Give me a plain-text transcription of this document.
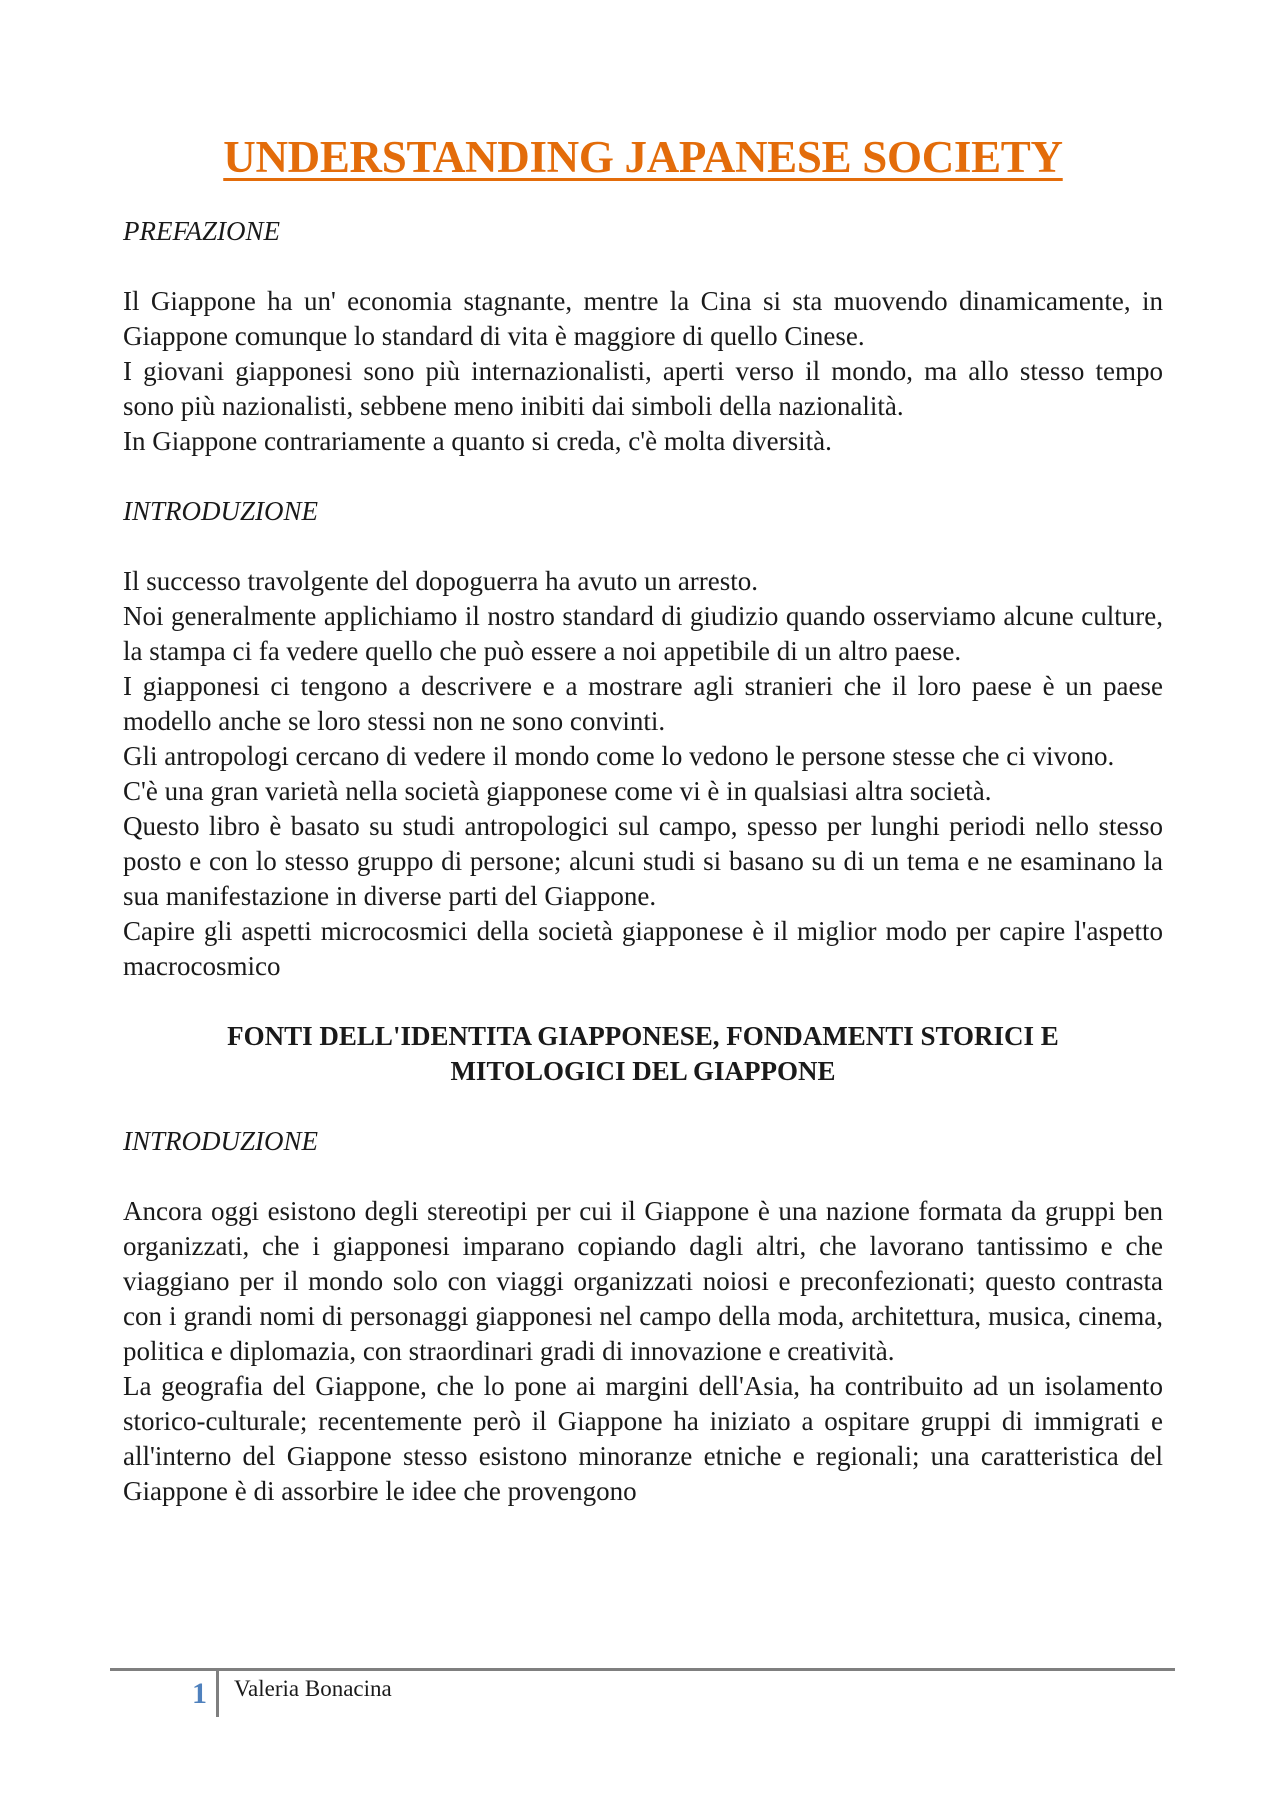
UNDERSTANDING JAPANESE SOCIETY

PREFAZIONE

Il Giappone ha un' economia stagnante, mentre la Cina si sta muovendo dinamicamente, in Giappone comunque lo standard di vita è maggiore di quello Cinese.

I giovani giapponesi sono più internazionalisti, aperti verso il mondo, ma allo stesso tempo sono più nazionalisti, sebbene meno inibiti dai simboli della nazionalità.

In Giappone contrariamente a quanto si creda, c'è molta diversità.

INTRODUZIONE

Il successo travolgente del dopoguerra ha avuto un arresto.

Noi generalmente applichiamo il nostro standard di giudizio quando osserviamo alcune culture, la stampa ci fa vedere quello che può essere a noi appetibile di un altro paese.

I giapponesi ci tengono a descrivere e a mostrare agli stranieri che il loro paese è un paese modello anche se loro stessi non ne sono convinti.

Gli antropologi cercano di vedere il mondo come lo vedono le persone stesse che ci vivono.

C'è una gran varietà nella società giapponese come vi è in qualsiasi altra società.

Questo libro è basato su studi antropologici sul campo, spesso per lunghi periodi nello stesso posto e con lo stesso gruppo di persone; alcuni studi si basano su di un tema e ne esaminano la sua manifestazione in diverse parti del Giappone.

Capire gli aspetti microcosmici della società giapponese è il miglior modo per capire l'aspetto macrocosmico

FONTI DELL'IDENTITA GIAPPONESE, FONDAMENTI STORICI E

MITOLOGICI DEL GIAPPONE

INTRODUZIONE

Ancora oggi esistono degli stereotipi per cui il Giappone è una nazione formata da gruppi ben organizzati, che i giapponesi imparano copiando dagli altri, che lavorano tantissimo e che viaggiano per il mondo solo con viaggi organizzati noiosi e preconfezionati; questo contrasta con i grandi nomi di personaggi giapponesi nel campo della moda, architettura, musica, cinema, politica e diplomazia, con straordinari gradi di innovazione e creatività.

La geografia del Giappone, che lo pone ai margini dell'Asia, ha contribuito ad un isolamento storico-culturale; recentemente però il Giappone ha iniziato a ospitare gruppi di immigrati e all'interno del Giappone stesso esistono minoranze etniche e regionali; una caratteristica del Giappone è di assorbire le idee che provengono

1 Valeria Bonacina
